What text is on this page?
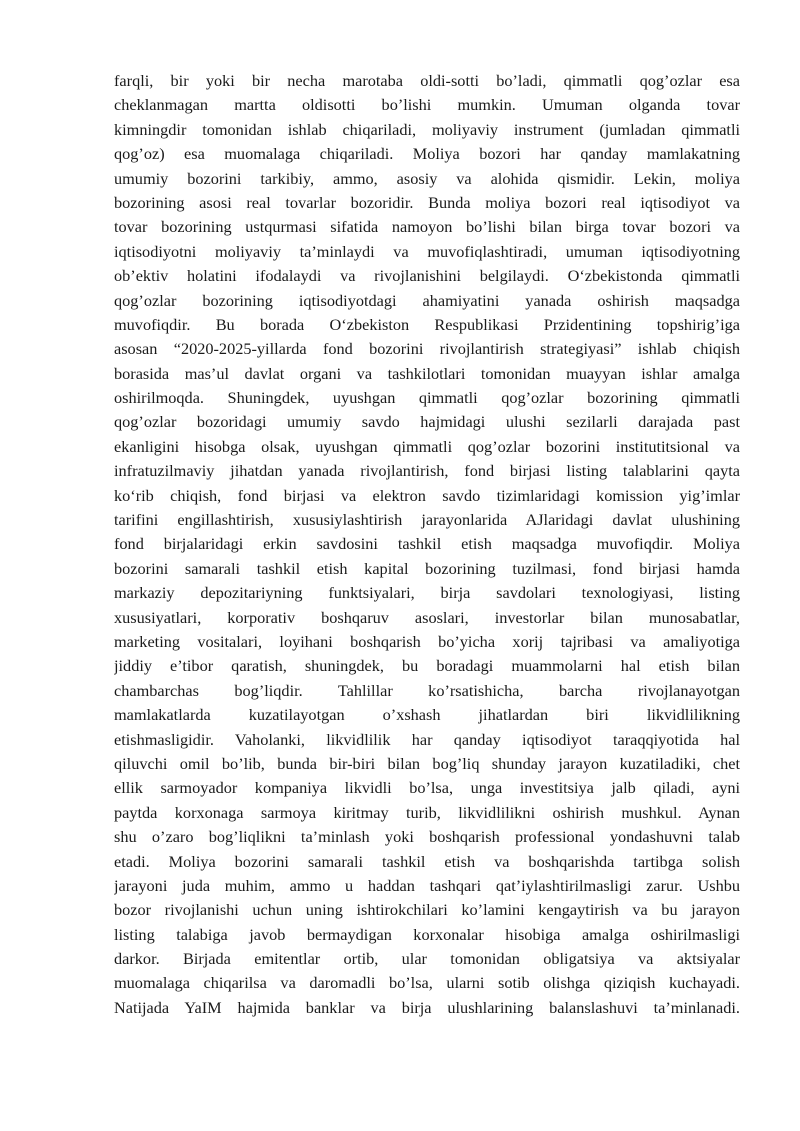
farqli, bir yoki bir necha marotaba oldi-sotti bo’ladi, qimmatli qog’ozlar esa
cheklanmagan martta oldisotti bo’lishi mumkin. Umuman olganda tovar
kimningdir tomonidan ishlab chiqariladi, moliyaviy instrument (jumladan qimmatli
qog’oz) esa muomalaga chiqariladi. Moliya bozori har qanday mamlakatning
umumiy bozorini tarkibiy, ammo, asosiy va alohida qismidir. Lekin, moliya
bozorining asosi real tovarlar bozoridir. Bunda moliya bozori real iqtisodiyot va
tovar bozorining ustqurmasi sifatida namoyon bo’lishi bilan birga tovar bozori va
iqtisodiyotni moliyaviy ta’minlaydi va muvofiqlashtiradi, umuman iqtisodiyotning
ob’ektiv holatini ifodalaydi va rivojlanishini belgilaydi. O‘zbekistonda qimmatli
qog’ozlar bozorining iqtisodiyotdagi ahamiyatini yanada oshirish maqsadga
muvofiqdir. Bu borada O‘zbekiston Respublikasi Przidentining topshirig’iga
asosan “2020-2025-yillarda fond bozorini rivojlantirish strategiyasi” ishlab chiqish
borasida mas’ul davlat organi va tashkilotlari tomonidan muayyan ishlar amalga
oshirilmoqda. Shuningdek, uyushgan qimmatli qog’ozlar bozorining qimmatli
qog’ozlar bozoridagi umumiy savdo hajmidagi ulushi sezilarli darajada past
ekanligini hisobga olsak, uyushgan qimmatli qog’ozlar bozorini institutitsional va
infratuzilmaviy jihatdan yanada rivojlantirish, fond birjasi listing talablarini qayta
ko‘rib chiqish, fond birjasi va elektron savdo tizimlaridagi komission yig’imlar
tarifini engillashtirish, xususiylashtirish jarayonlarida AJlaridagi davlat ulushining
fond birjalaridagi erkin savdosini tashkil etish maqsadga muvofiqdir. Moliya
bozorini samarali tashkil etish kapital bozorining tuzilmasi, fond birjasi hamda
markaziy depozitariyning funktsiyalari, birja savdolari texnologiyasi, listing
xususiyatlari, korporativ boshqaruv asoslari, investorlar bilan munosabatlar,
marketing vositalari, loyihani boshqarish bo’yicha xorij tajribasi va amaliyotiga
jiddiy e’tibor qaratish, shuningdek, bu boradagi muammolarni hal etish bilan
chambarchas bog’liqdir. Tahlillar ko’rsatishicha, barcha rivojlanayotgan
mamlakatlarda kuzatilayotgan o’xshash jihatlardan biri likvidlilikning
etishmasligidir. Vaholanki, likvidlilik har qanday iqtisodiyot taraqqiyotida hal
qiluvchi omil bo’lib, bunda bir-biri bilan bog’liq shunday jarayon kuzatiladiki, chet
ellik sarmoyador kompaniya likvidli bo’lsa, unga investitsiya jalb qiladi, ayni
paytda korxonaga sarmoya kiritmay turib, likvidlilikni oshirish mushkul. Aynan
shu o’zaro bog’liqlikni ta’minlash yoki boshqarish professional yondashuvni talab
etadi. Moliya bozorini samarali tashkil etish va boshqarishda tartibga solish
jarayoni juda muhim, ammo u haddan tashqari qat’iylashtirilmasligi zarur. Ushbu
bozor rivojlanishi uchun uning ishtirokchilari ko’lamini kengaytirish va bu jarayon
listing talabiga javob bermaydigan korxonalar hisobiga amalga oshirilmasligi
darkor. Birjada emitentlar ortib, ular tomonidan obligatsiya va aktsiyalar
muomalaga chiqarilsa va daromadli bo’lsa, ularni sotib olishga qiziqish kuchayadi.
Natijada YaIM hajmida banklar va birja ulushlarining balanslashuvi ta’minlanadi.
